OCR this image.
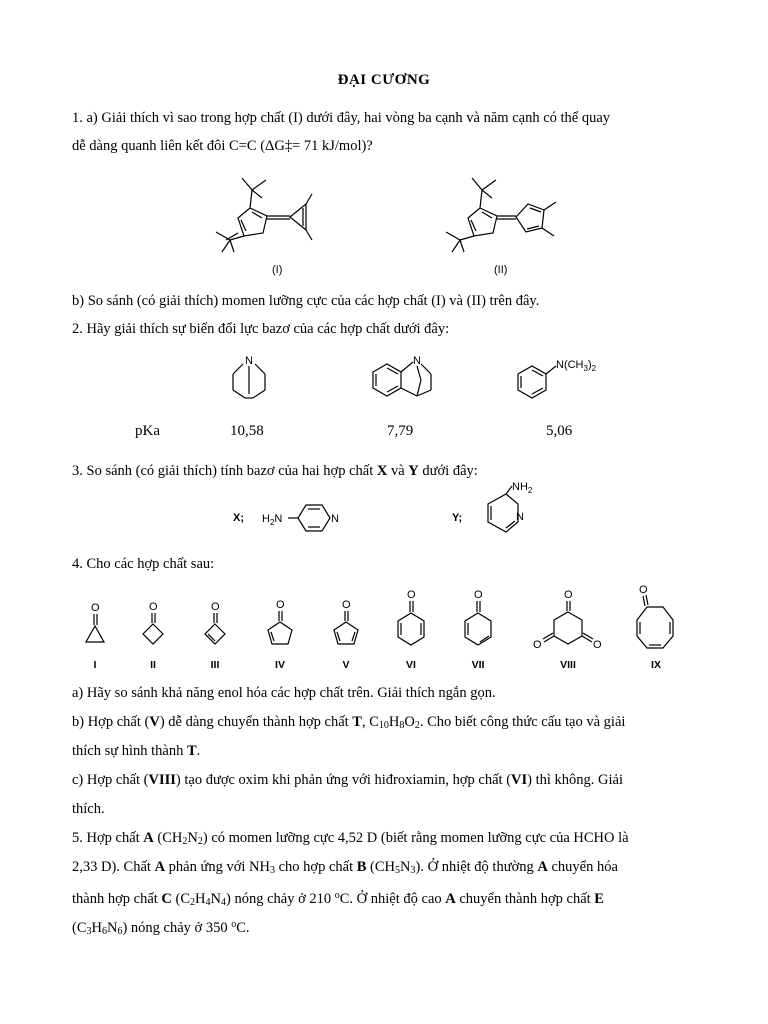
ĐẠI CƯƠNG
1. a) Giải thích vì sao trong hợp chất (I) dưới đây, hai vòng ba cạnh và năm cạnh có thể quay
dễ dàng quanh liên kết đôi C=C (ΔG‡= 71 kJ/mol)?
(I)	(II)
b) So sánh (có giải thích) momen lưỡng cực của các hợp chất (I) và (II) trên đây.
2. Hãy giải thích sự biến đổi lực bazơ của các hợp chất dưới đây:
N	N	$N(CH_3)_2$
pKa	10,58	7,79	5,06
3. So sánh (có giải thích) tính bazơ của hai hợp chất X và Y dưới đây:
X; $H_2N$	N	Y;
$NH_2$
N
4. Cho các hợp chất sau:
O
I
O
II
O
III
O
IV
O
V
O
VI
O
VII
O
O	O
VIII
O
IX
a) Hãy so sánh khả năng enol hóa các hợp chất trên. Giải thích ngắn gọn.
b) Hợp chất (V) dễ dàng chuyển thành hợp chất T, $C_{10}H_8O_2$. Cho biết công thức cấu tạo và giải
thích sự hình thành T.
c) Hợp chất (VIII) tạo được oxim khi phản ứng với hiđroxiamin, hợp chất (VI) thì không. Giải
thích.
5. Hợp chất A $(CH_2N_2)$ có momen lưỡng cực 4,52 D (biết rằng momen lưỡng cực của HCHO là
2,33 D). Chất A phản ứng với $NH_3$ cho hợp chất B $(CH_5N_3)$. Ở nhiệt độ thường A chuyển hóa
thành hợp chất C $(C_2H_4N_4)$ nóng chảy ở 210 $^o$C. Ở nhiệt độ cao A chuyển thành hợp chất E
$(C_3H_6N_6)$ nóng chảy ở 350 $^o$C.
